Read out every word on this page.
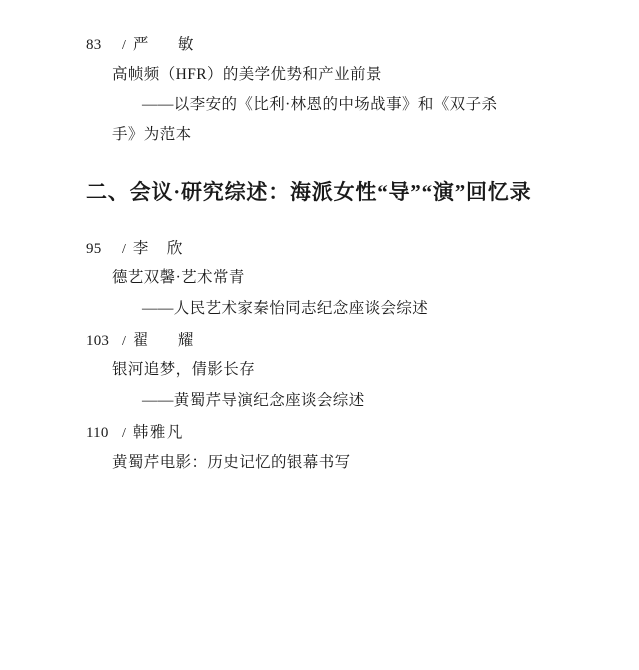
83	/ 严　敏
高帧频（HFR）的美学优势和产业前景
——以李安的《比利·林恩的中场战事》和《双子杀
手》为范本
二、会议·研究综述：海派女性“导”“演”回忆录
95	/ 李　欣
德艺双馨·艺术常青
——人民艺术家秦怡同志纪念座谈会综述
103 / 翟　耀
银河追梦，倩影长存
——黄蜀芹导演纪念座谈会综述
110 / 韩雅凡
黄蜀芹电影：历史记忆的银幕书写
